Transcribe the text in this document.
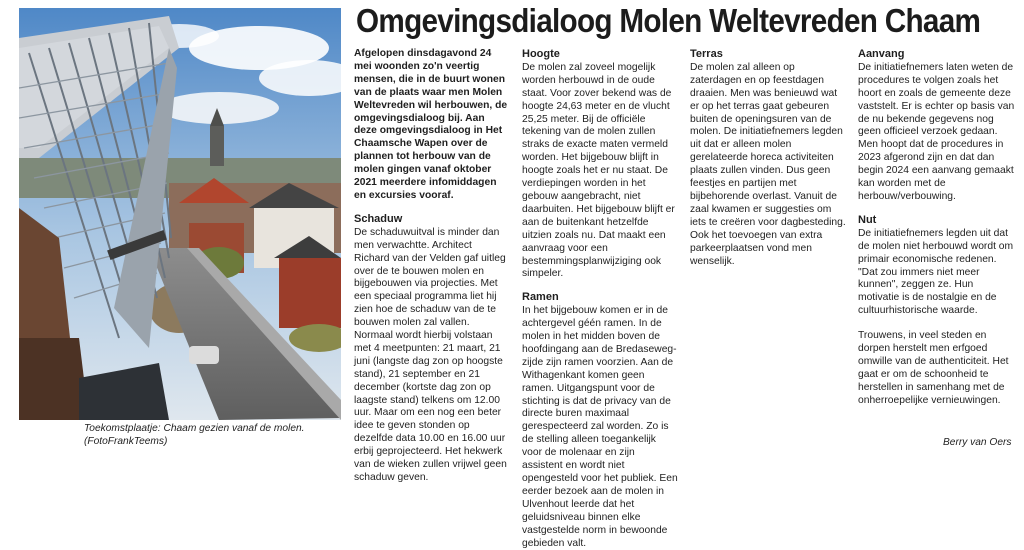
Toekomstplaatje: Chaam gezien vanaf de molen. (FotoFrankTeems)
Omgevingsdialoog Molen Weltevreden Chaam

Afgelopen dinsdagavond 24 mei woonden zo'n veertig mensen, die in de buurt wonen van de plaats waar men Molen Weltevreden wil herbouwen, de omgevingsdialoog bij. Aan deze omgevingsdialoog in Het Chaamsche Wapen over de plannen tot herbouw van de molen gingen vanaf oktober 2021 meerdere infomiddagen en excursies vooraf.

Schaduw

De schaduwuitval is minder dan men verwachtte. Architect Richard van der Velden gaf uitleg over de te bouwen molen en bijgebouwen via projecties. Met een speciaal programma liet hij zien hoe de schaduw van de te bouwen molen zal vallen. Normaal wordt hierbij volstaan met 4 meetpunten: 21 maart, 21 juni (langste dag zon op hoogste stand), 21 september en 21 december (kortste dag zon op laagste stand) telkens om 12.00 uur. Maar om een nog een beter idee te geven stonden op dezelfde data 10.00 en 16.00 uur erbij geprojecteerd. Het hekwerk van de wieken zullen vrijwel geen schaduw geven.

Hoogte

De molen zal zoveel mogelijk worden herbouwd in de oude staat. Voor zover bekend was de hoogte 24,63 meter en de vlucht 25,25 meter. Bij de officiële tekening van de molen zullen straks de exacte maten vermeld worden. Het bijgebouw blijft in hoogte zoals het er nu staat. De verdiepingen worden in het gebouw aangebracht, niet daarbuiten. Het bijgebouw blijft er aan de buitenkant hetzelfde uitzien zoals nu. Dat maakt een aanvraag voor een bestemmingsplanwijziging ook simpeler.

Ramen

In het bijgebouw komen er in de achtergevel géén ramen. In de molen in het midden boven de hoofdingang aan de Bredaseweg-zijde zijn ramen voorzien. Aan de Withagenkant komen geen ramen. Uitgangspunt voor de stichting is dat de privacy van de directe buren maximaal gerespecteerd zal worden. Zo is de stelling alleen toegankelijk voor de molenaar en zijn assistent en wordt niet opengesteld voor het publiek. Een eerder bezoek aan de molen in Ulvenhout leerde dat het geluidsniveau binnen elke vastgestelde norm in bewoonde gebieden valt.

Terras

De molen zal alleen op zaterdagen en op feestdagen draaien. Men was benieuwd wat er op het terras gaat gebeuren buiten de openingsuren van de molen. De initiatiefnemers legden uit dat er alleen molen gerelateerde horeca activiteiten plaats zullen vinden. Dus geen feestjes en partijen met bijbehorende overlast. Vanuit de zaal kwamen er suggesties om iets te creëren voor dagbesteding. Ook het toevoegen van extra parkeerplaatsen vond men wenselijk.

Aanvang

De initiatiefnemers laten weten de procedures te volgen zoals het hoort en zoals de gemeente deze vaststelt. Er is echter op basis van de nu bekende gegevens nog geen officieel verzoek gedaan. Men hoopt dat de procedures in 2023 afgerond zijn en dat dan begin 2024 een aanvang gemaakt kan worden met de herbouw/verbouwing.

Nut

De initiatiefnemers legden uit dat de molen niet herbouwd wordt om primair economische redenen. "Dat zou immers niet meer kunnen", zeggen ze. Hun motivatie is de nostalgie en de cultuurhistorische waarde.

Trouwens, in veel steden en dorpen herstelt men erfgoed omwille van de authenticiteit. Het gaat er om de schoonheid te herstellen in samenhang met de onherroepelijke vernieuwingen.

Berry van Oers
